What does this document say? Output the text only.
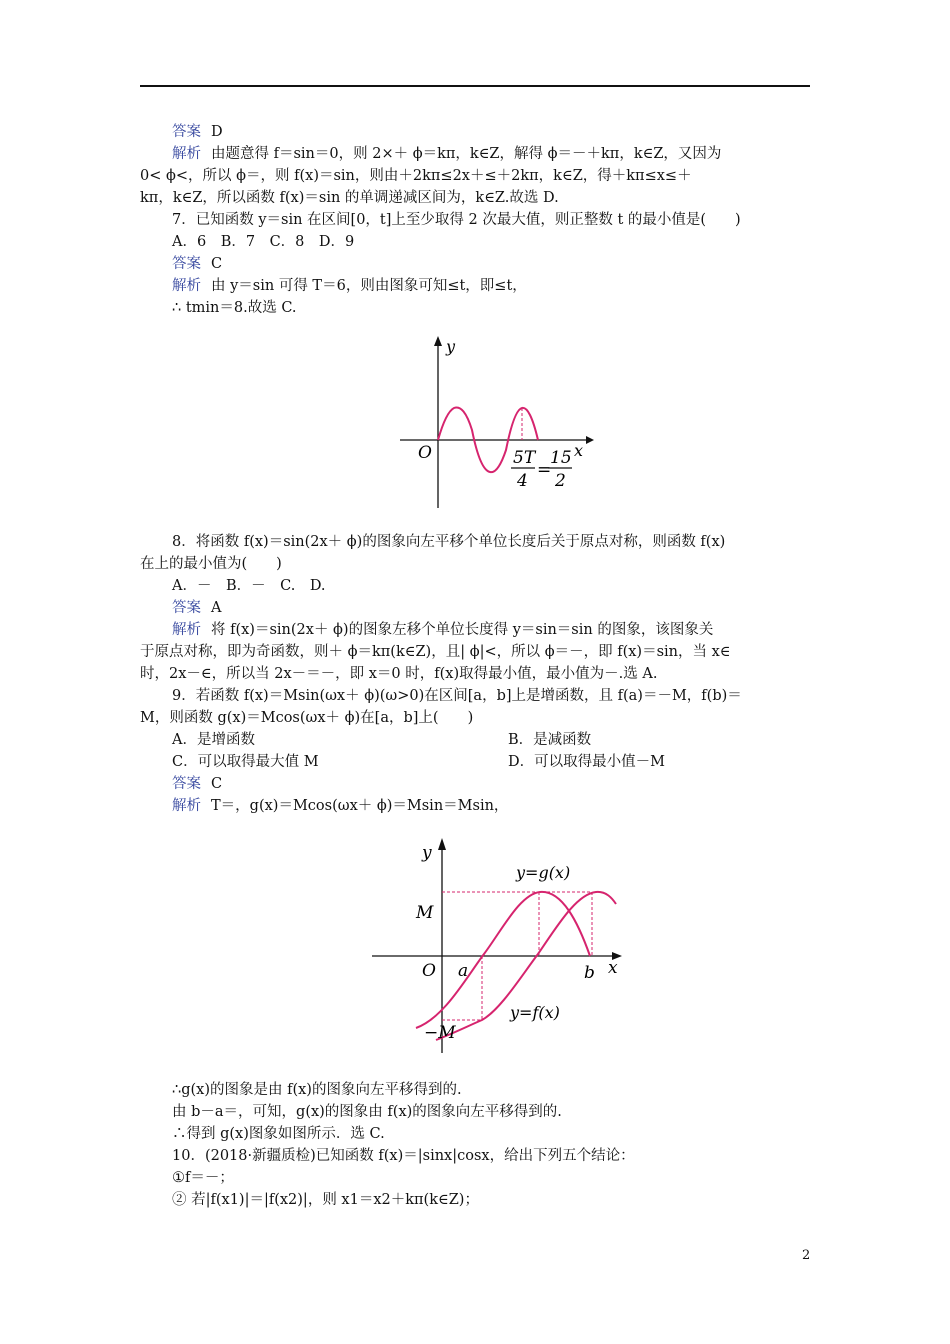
答案 D
解析 由题意得 f＝sin＝0，则 2×＋ ϕ＝kπ，k∈Z，解得 ϕ＝－＋kπ，k∈Z，又因为
0< ϕ<，所以 ϕ＝，则 f(x)＝sin，则由＋2kπ≤2x＋≤＋2kπ，k∈Z，得＋kπ≤x≤＋
kπ，k∈Z，所以函数 f(x)＝sin 的单调递减区间为，k∈Z.故选 D.
7．已知函数 y＝sin 在区间[0，t]上至少取得 2 次最大值，则正整数 t 的最小值是(　　)
A．6　B．7　C．8　D．9
答案 C
解析 由 y＝sin 可得 T＝6，则由图象可知≤t，即≤t，
∴ tmin＝8.故选 C.
y
x
O	5T
4
=
15
2
8．将函数 f(x)＝sin(2x＋ ϕ)的图象向左平移个单位长度后关于原点对称，则函数 f(x)
在上的最小值为(　　)
A．－　B．－　C.　D.
答案 A
解析 将 f(x)＝sin(2x＋ ϕ)的图象左移个单位长度得 y＝sin＝sin 的图象，该图象关
于原点对称，即为奇函数，则＋ ϕ＝kπ(k∈Z)，且| ϕ|<，所以 ϕ＝－，即 f(x)＝sin，当 x∈
时，2x－∈，所以当 2x－＝－，即 x＝0 时，f(x)取得最小值，最小值为－.选 A.
9．若函数 f(x)＝Msin(ωx＋ ϕ)(ω>0)在区间[a，b]上是增函数，且 f(a)＝－M，f(b)＝
M，则函数 g(x)＝Mcos(ωx＋ ϕ)在[a，b]上(　　)
A．是增函数	B．是减函数
C．可以取得最大值 M	D．可以取得最小值－M
答案 C
解析 T＝，g(x)＝Mcos(ωx＋ ϕ)＝Msin＝Msin，
y
x
O a	b
M
−M
y=g(x)
y=f(x)
∴g(x)的图象是由 f(x)的图象向左平移得到的.
由 b－a＝，可知，g(x)的图象由 f(x)的图象向左平移得到的.
∴得到 g(x)图象如图所示．选 C.
10．(2018·新疆质检)已知函数 f(x)＝|sinx|cosx，给出下列五个结论：
①f＝－；
② 若|f(x1)|＝|f(x2)|，则 x1＝x2＋kπ(k∈Z)；
2
